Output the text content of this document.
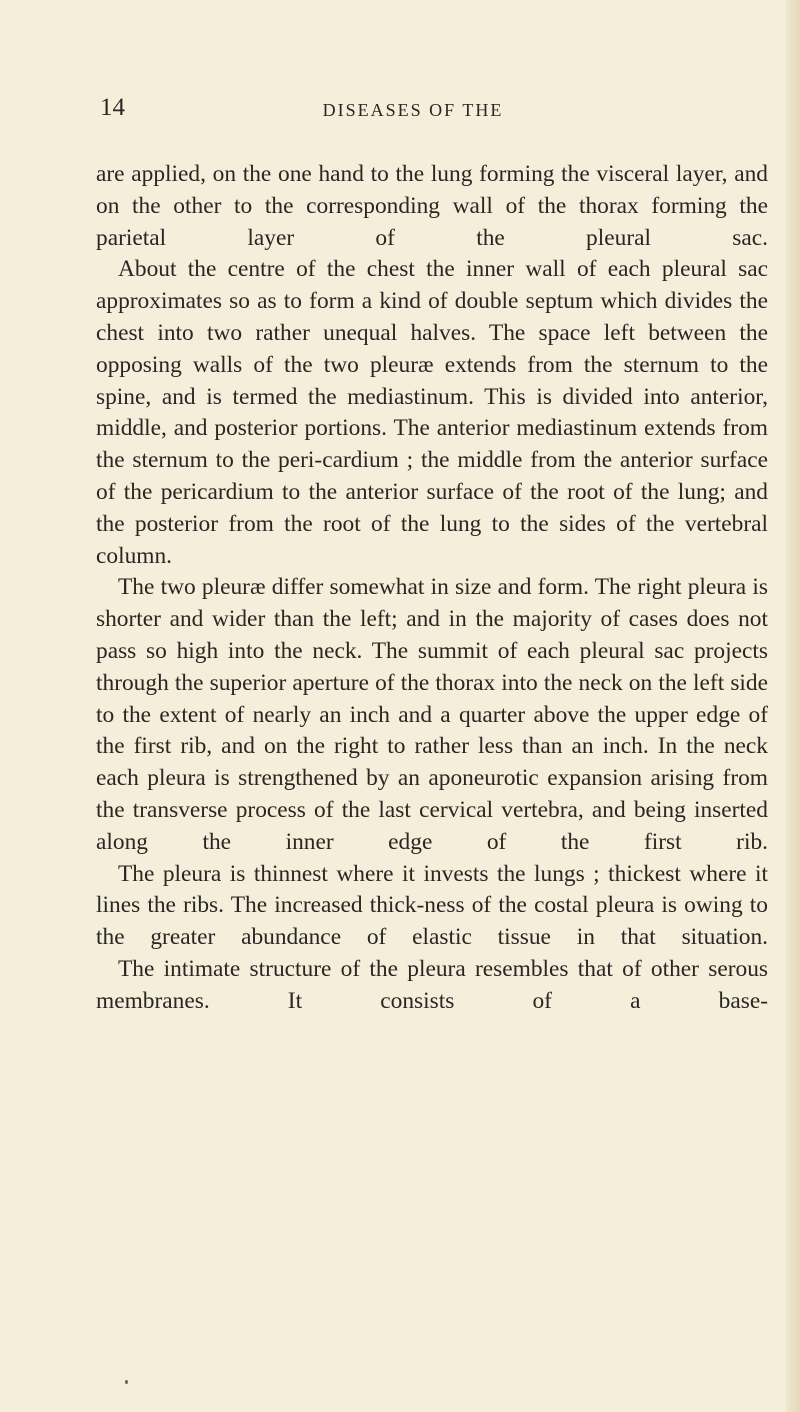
14	DISEASES OF THE

are applied, on the one hand to the lung forming the visceral layer, and on the other to the corresponding wall of the thorax forming the parietal layer of the pleural sac.

About the centre of the chest the inner wall of each pleural sac approximates so as to form a kind of double septum which divides the chest into two rather unequal halves. The space left between the opposing walls of the two pleuræ extends from the sternum to the spine, and is termed the mediastinum. This is divided into anterior, middle, and posterior portions. The anterior mediastinum extends from the sternum to the peri-cardium ; the middle from the anterior surface of the pericardium to the anterior surface of the root of the lung; and the posterior from the root of the lung to the sides of the vertebral column.

The two pleuræ differ somewhat in size and form. The right pleura is shorter and wider than the left; and in the majority of cases does not pass so high into the neck. The summit of each pleural sac projects through the superior aperture of the thorax into the neck on the left side to the extent of nearly an inch and a quarter above the upper edge of the first rib, and on the right to rather less than an inch. In the neck each pleura is strengthened by an aponeurotic expansion arising from the transverse process of the last cervical vertebra, and being inserted along the inner edge of the first rib.

The pleura is thinnest where it invests the lungs ; thickest where it lines the ribs. The increased thick-ness of the costal pleura is owing to the greater abundance of elastic tissue in that situation.

The intimate structure of the pleura resembles that of other serous membranes. It consists of a base-
